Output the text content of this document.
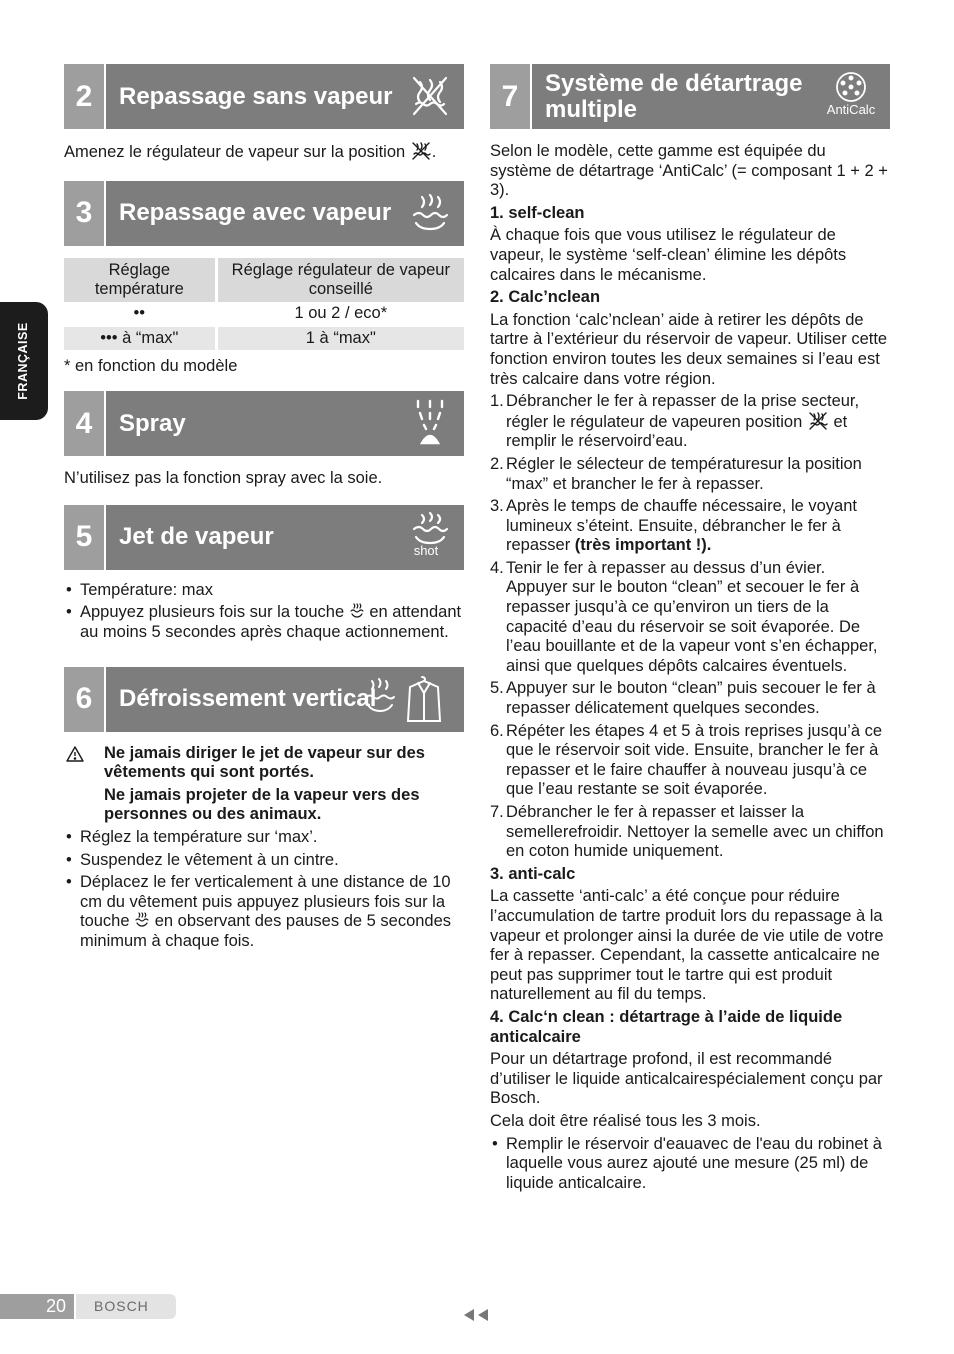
FRANÇAISE
2	Repassage sans vapeur

Amenez le régulateur de vapeur sur la position .

3	Repassage avec vapeur
Réglage température	Réglage régulateur de vapeur conseillé
••	1 ou 2 / eco*
••• à “max"	1 à “max"

* en fonction du modèle

4	Spray

N’utilisez pas la fonction spray avec la soie.

5	Jet de vapeur
shot
• Température: max
• Appuyez plusieurs fois sur la touche en attendant au moins 5 secondes après chaque actionnement.
6	Défroissement vertical

Ne jamais diriger le jet de vapeur sur des vêtements qui sont portés.

Ne jamais projeter de la vapeur vers des personnes ou des animaux.

• Réglez la température sur ‘max’.
• Suspendez le vêtement à un cintre.
• Déplacez le fer verticalement à une distance de 10 cm du vêtement puis appuyez plusieurs fois sur la touche en observant des pauses de 5 secondes minimum à chaque fois.
7	Système de détartrage multiple	AntiCalc

Selon le modèle, cette gamme est équipée du système de détartrage ‘AntiCalc’ (= composant 1 + 2 + 3).

1. self-clean

À chaque fois que vous utilisez le régulateur de vapeur, le système ‘self-clean’ élimine les dépôts calcaires dans le mécanisme.

2. Calc’nclean

La fonction ‘calc’nclean’ aide à retirer les dépôts de tartre à l’extérieur du réservoir de vapeur. Utiliser cette fonction environ toutes les deux semaines si l’eau est très calcaire dans votre région.

1. Débrancher le fer à repasser de la prise secteur, régler le régulateur de vapeuren position et remplir le réservoird’eau.
2. Régler le sélecteur de températuresur la position “max” et brancher le fer à repasser.
3. Après le temps de chauffe nécessaire, le voyant lumineux s’éteint. Ensuite, débrancher le fer à repasser (très important !).
4. Tenir le fer à repasser au dessus d’un évier. Appuyer sur le bouton “clean” et secouer le fer à repasser jusqu’à ce qu’environ un tiers de la capacité d’eau du réservoir se soit évaporée. De l’eau bouillante et de la vapeur vont s’en échapper, ainsi que quelques dépôts calcaires éventuels.
5. Appuyer sur le bouton “clean” puis secouer le fer à repasser délicatement quelques secondes.
6. Répéter les étapes 4 et 5 à trois reprises jusqu’à ce que le réservoir soit vide. Ensuite, brancher le fer à repasser et le faire chauffer à nouveau jusqu’à ce que l’eau restante se soit évaporée.
7. Débrancher le fer à repasser et laisser la semellerefroidir. Nettoyer la semelle avec un chiffon en coton humide uniquement.

3. anti-calc

La cassette ‘anti-calc’ a été conçue pour réduire l’accumulation de tartre produit lors du repassage à la vapeur et prolonger ainsi la durée de vie utile de votre fer à repasser. Cependant, la cassette anticalcaire ne peut pas supprimer tout le tartre qui est produit naturellement au fil du temps.

4. Calc‘n clean : détartrage à l’aide de liquide anticalcaire

Pour un détartrage profond, il est recommandé d’utiliser le liquide anticalcairespécialement conçu par Bosch.

Cela doit être réalisé tous les 3 mois.

• Remplir le réservoir d'eauavec de l'eau du robinet à laquelle vous aurez ajouté une mesure (25 ml) de liquide anticalcaire.
20	BOSCH
